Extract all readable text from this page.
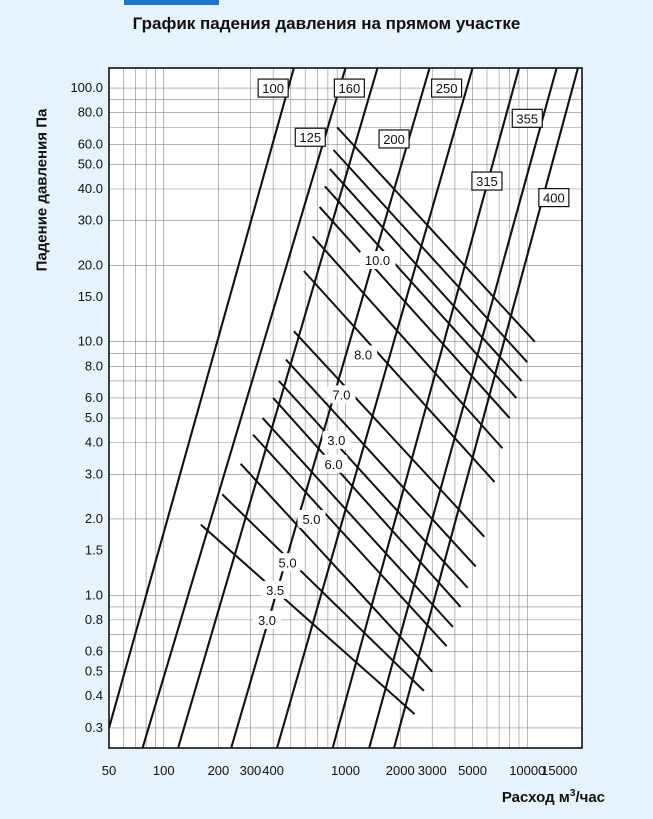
График падения давления на прямом участке
Падение давления Па
Расход $м^3$/час
100.0
80.0
60.0
50.0
40.0
30.0
20.0
15.0
10.0
8.0
6.0
5.0
4.0
3.0
2.0
1.5
1.0
0.8
0.6
0.5
0.4
0.3
50	100	200 300 400	1000 2000 3000 5000 10000
15000
100
125
160
200
250
315
355
400
10.0
8.0
7.0
3.0
6.0
5.0
5.0
3.5
3.0
